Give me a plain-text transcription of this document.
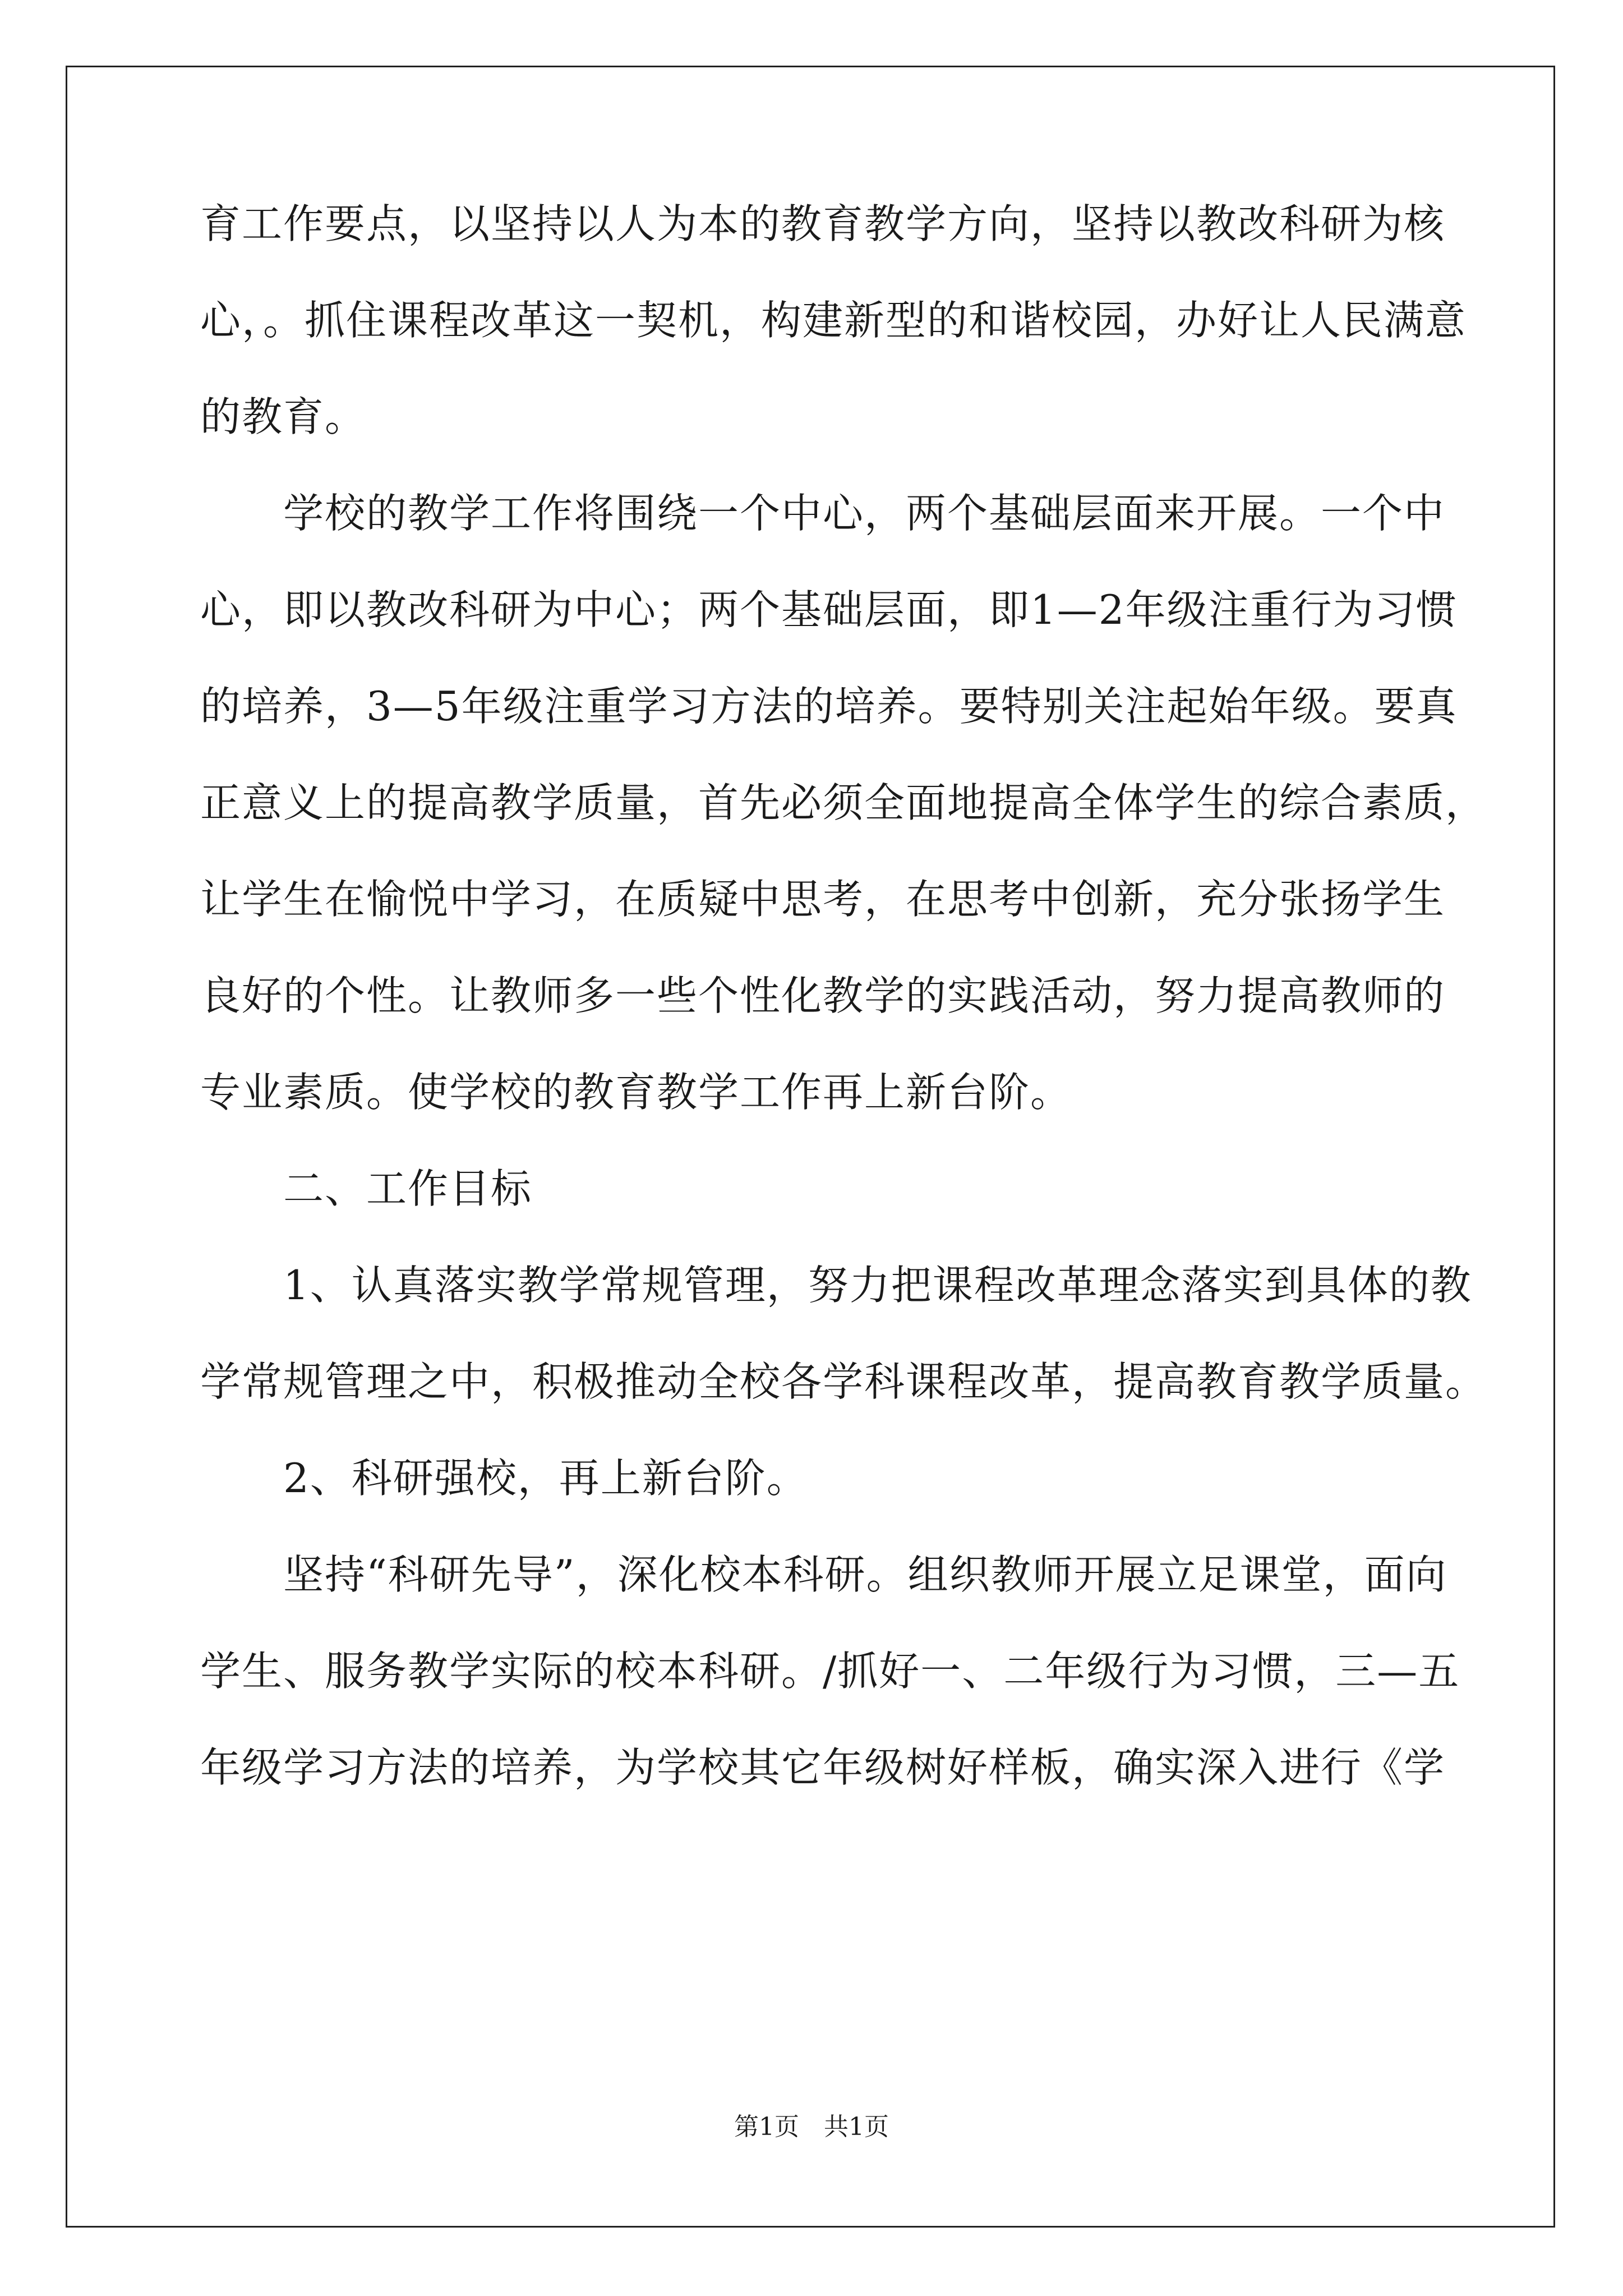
育工作要点，以坚持以人为本的教育教学方向，坚持以教改科研为核
心，。抓住课程改革这一契机，构建新型的和谐校园，办好让人民满意
的教育。
　　学校的教学工作将围绕一个中心，两个基础层面来开展。一个中
心，即以教改科研为中心；两个基础层面，即1—2年级注重行为习惯
的培养，3—5年级注重学习方法的培养。要特别关注起始年级。要真
正意义上的提高教学质量，首先必须全面地提高全体学生的综合素质，
让学生在愉悦中学习，在质疑中思考，在思考中创新，充分张扬学生
良好的个性。让教师多一些个性化教学的实践活动，努力提高教师的
专业素质。使学校的教育教学工作再上新台阶。
　　二、工作目标
　　1、认真落实教学常规管理，努力把课程改革理念落实到具体的教
学常规管理之中，积极推动全校各学科课程改革，提高教育教学质量。
　　2、科研强校，再上新台阶。
　　坚持“科研先导”，深化校本科研。组织教师开展立足课堂，面向
学生、服务教学实际的校本科研。/抓好一、二年级行为习惯，三—五
年级学习方法的培养，为学校其它年级树好样板，确实深入进行《学
第1页　共1页
